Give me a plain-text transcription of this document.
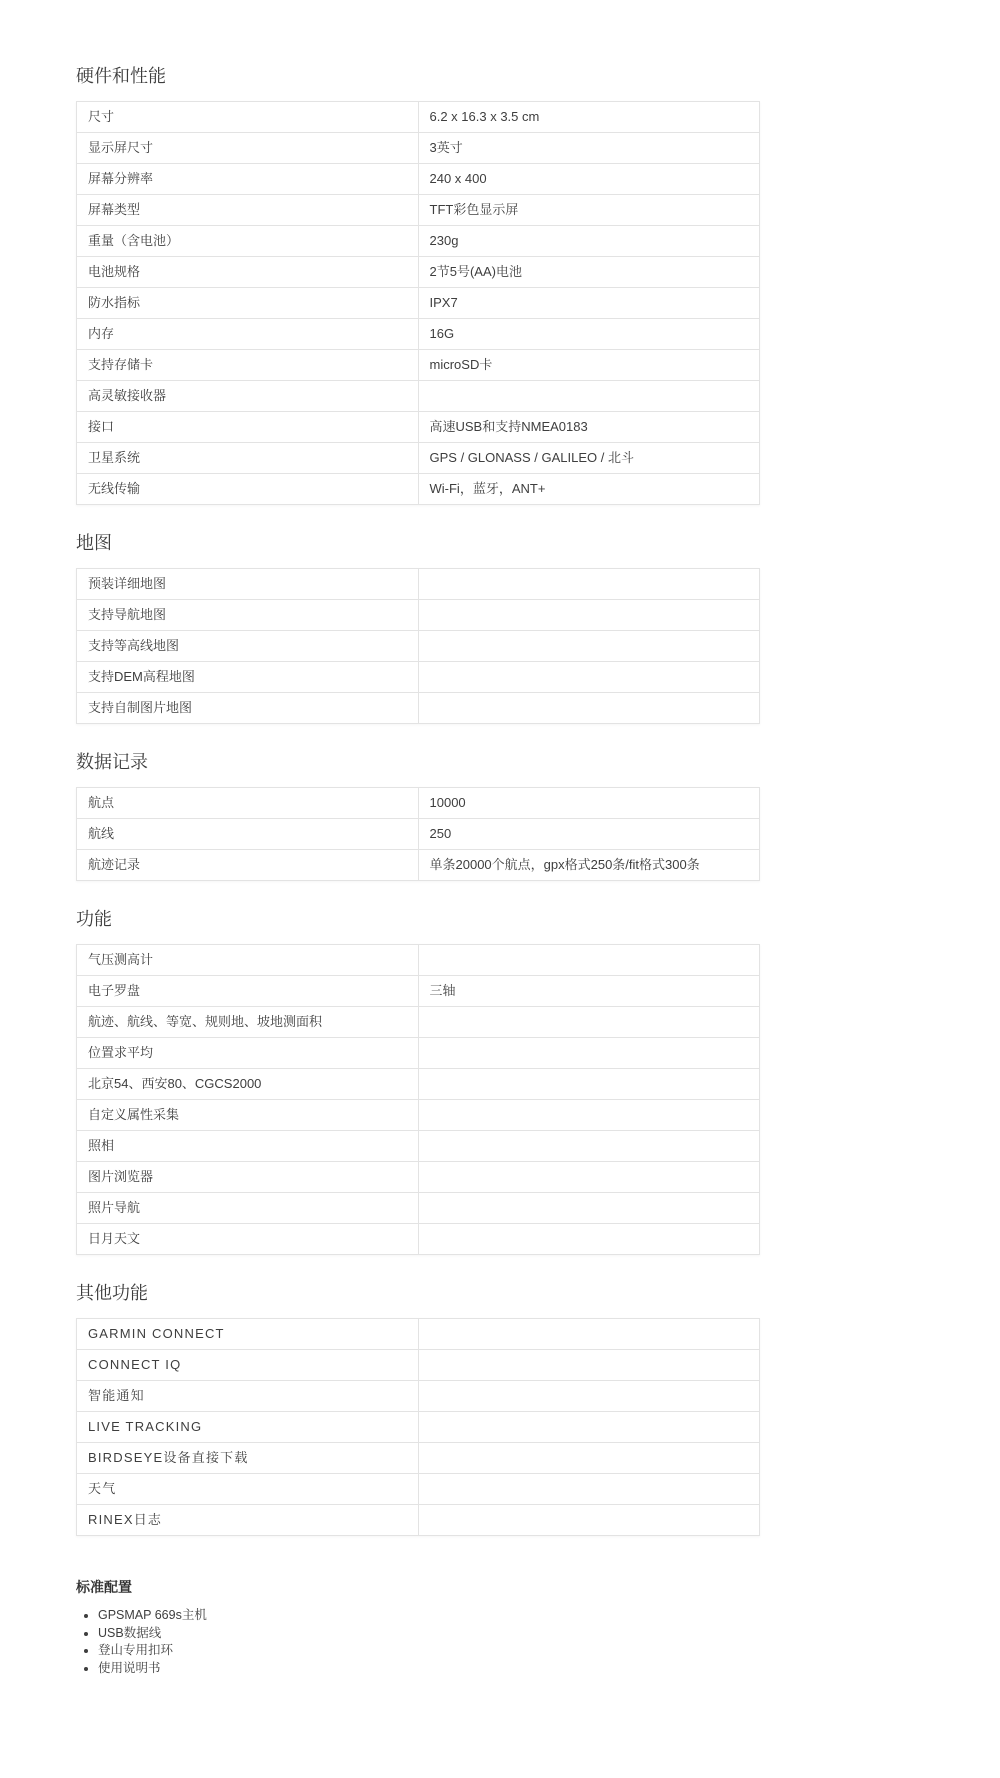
硬件和性能
尺寸	6.2 x 16.3 x 3.5 cm
显示屏尺寸	3英寸
屏幕分辨率	240 x 400
屏幕类型	TFT彩色显示屏
重量（含电池）	230g
电池规格	2节5号(AA)电池
防水指标	IPX7
内存	16G
支持存储卡	microSD卡
高灵敏接收器	
接口	高速USB和支持NMEA0183
卫星系统	GPS / GLONASS / GALILEO / 北斗
无线传输	Wi-Fi，蓝牙，ANT+
地图
预装详细地图	
支持导航地图	
支持等高线地图	
支持DEM高程地图	
支持自制图片地图	
数据记录
航点	10000
航线	250
航迹记录	单条20000个航点，gpx格式250条/fit格式300条
功能
气压测高计	
电子罗盘	三轴
航迹、航线、等宽、规则地、坡地测面积	
位置求平均	
北京54、西安80、CGCS2000	
自定义属性采集	
照相	
图片浏览器	
照片导航	
日月天文	
其他功能
GARMIN CONNECT	
CONNECT IQ	
智能通知	
LIVE TRACKING	
BIRDSEYE设备直接下载	
天气	
RINEX日志	
标准配置
• GPSMAP 669s主机
• USB数据线
• 登山专用扣环
• 使用说明书
